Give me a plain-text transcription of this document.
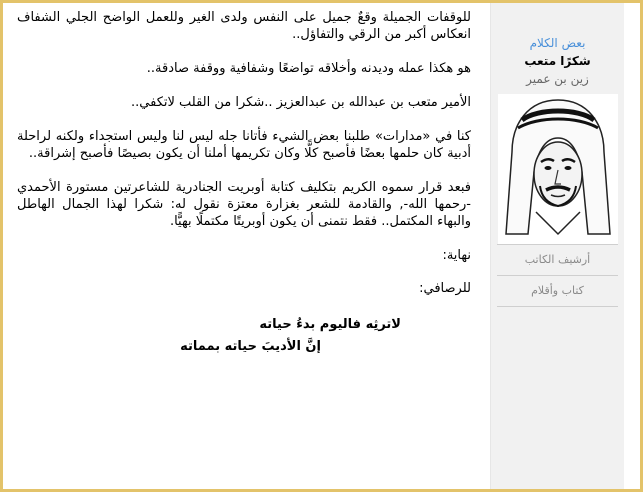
للوقفات الجميلة وقعٌ جميل على النفس ولدى الغير وللعمل الواضح الجلي الشفاف انعكاس أكبر من الرقي والتفاؤل..

هو هكذا عمله وديدنه وأخلاقه تواضعًا وشفافية ووقفة صادقة..

الأمير متعب بن عبدالله بن عبدالعزيز ..شكرا من القلب لاتكفي..

كنا في «مدارات» طلبنا بعض الشيء فأتانا جله ليس لنا وليس استجداء ولكنه لراحلة أدبية كان حلمها بعضًا فأصبح كلًّا وكان تكريمها أملنا أن يكون بصيصًا فأصبح إشراقة..

فبعد قرار سموه الكريم بتكليف كتابة أوبريت الجنادرية للشاعرتين مستورة الأحمدي -رحمها الله-, والقادمة للشعر بغزارة معتزة نقول له: شكرا لهذا الجمال الهاطل والبهاء المكتمل.. فقط نتمنى أن يكون أوبريتًا مكتملًا بهيًّا.

نهاية:

للرصافي:

لاترثِه فاليوم بدءُ حياته
إنَّ الأديبَ حياته بمماته
بعض الكلام
شكرًا متعب
زين بن عمير
أرشيف الكاتب
كتاب وأقلام
